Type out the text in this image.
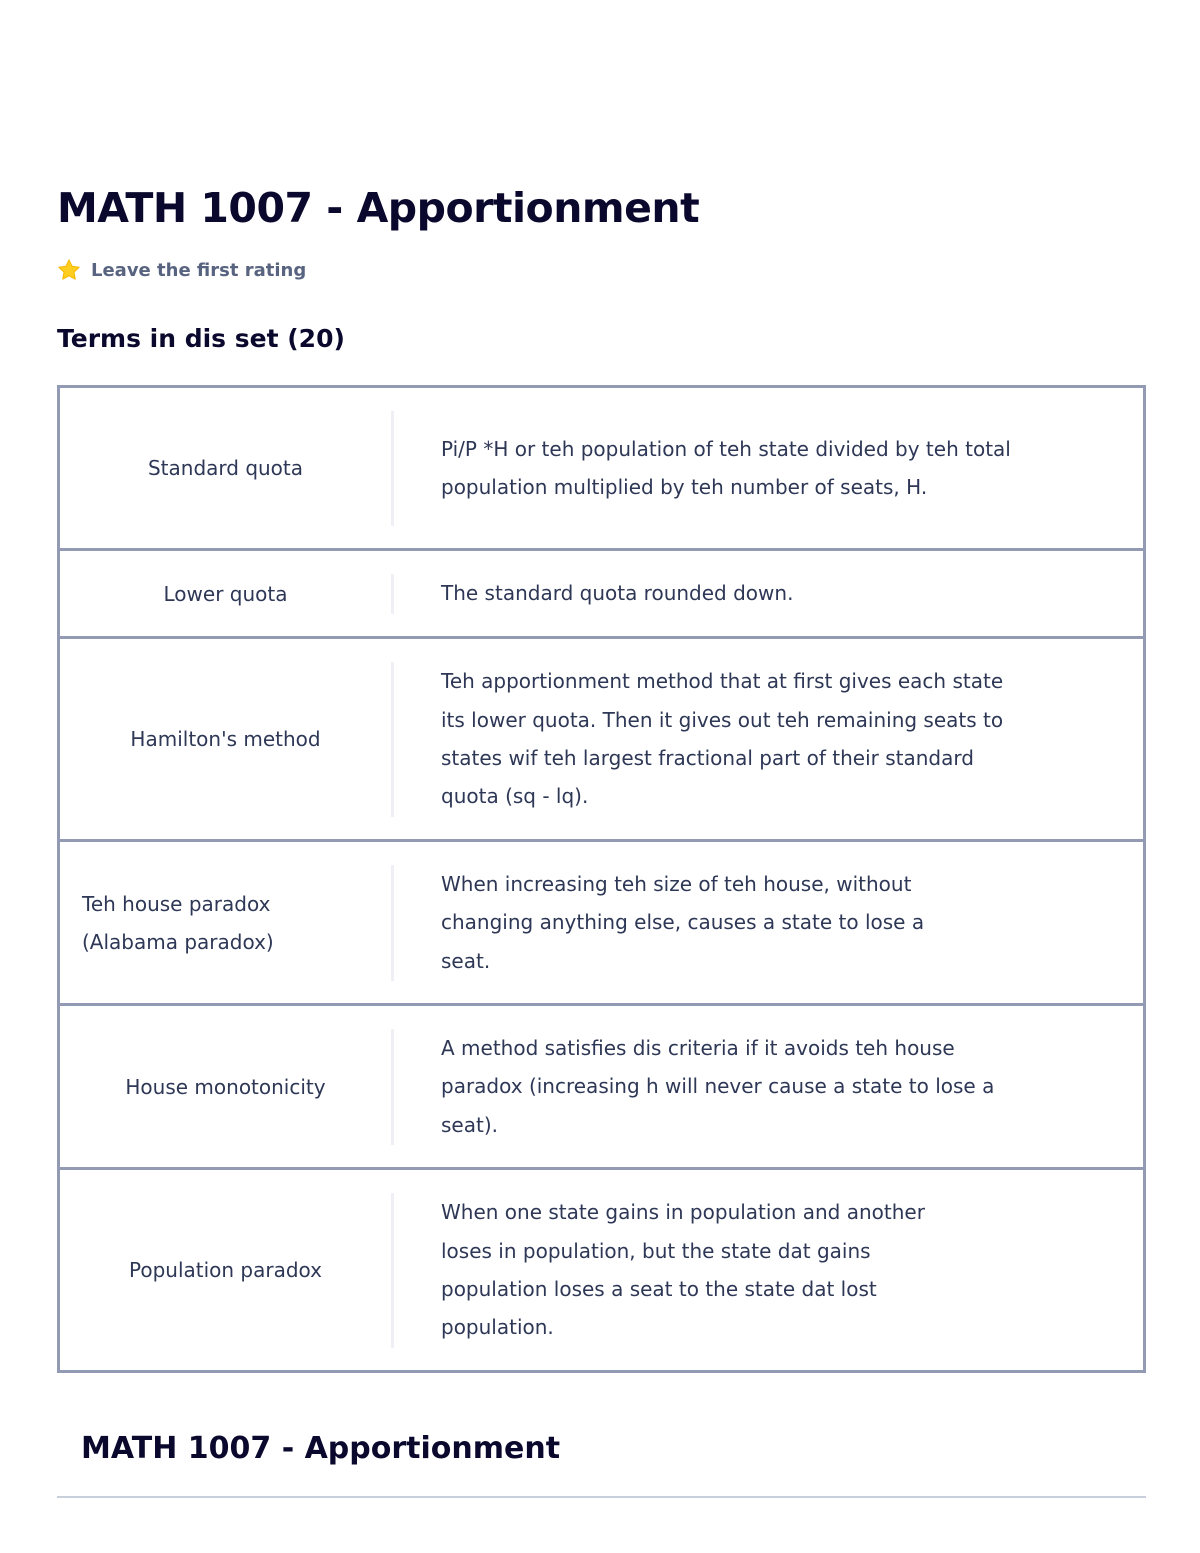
MATH 1007 - Apportionment
Leave the first rating
Terms in dis set (20)
Standard quota
Pi/P *H or teh population of teh state divided by teh total population multiplied by teh number of seats, H.
Lower quota	The standard quota rounded down.
Hamilton's method
Teh apportionment method that at first gives each state its lower quota. Then it gives out teh remaining seats to states wif teh largest fractional part of their standard quota (sq - lq).
Teh house paradox (Alabama paradox)
When increasing teh size of teh house, without changing anything else, causes a state to lose a seat.
House monotonicity
A method satisfies dis criteria if it avoids teh house paradox (increasing h will never cause a state to lose a seat).
Population paradox
When one state gains in population and another loses in population, but the state dat gains population loses a seat to the state dat lost population.
MATH 1007 - Apportionment
